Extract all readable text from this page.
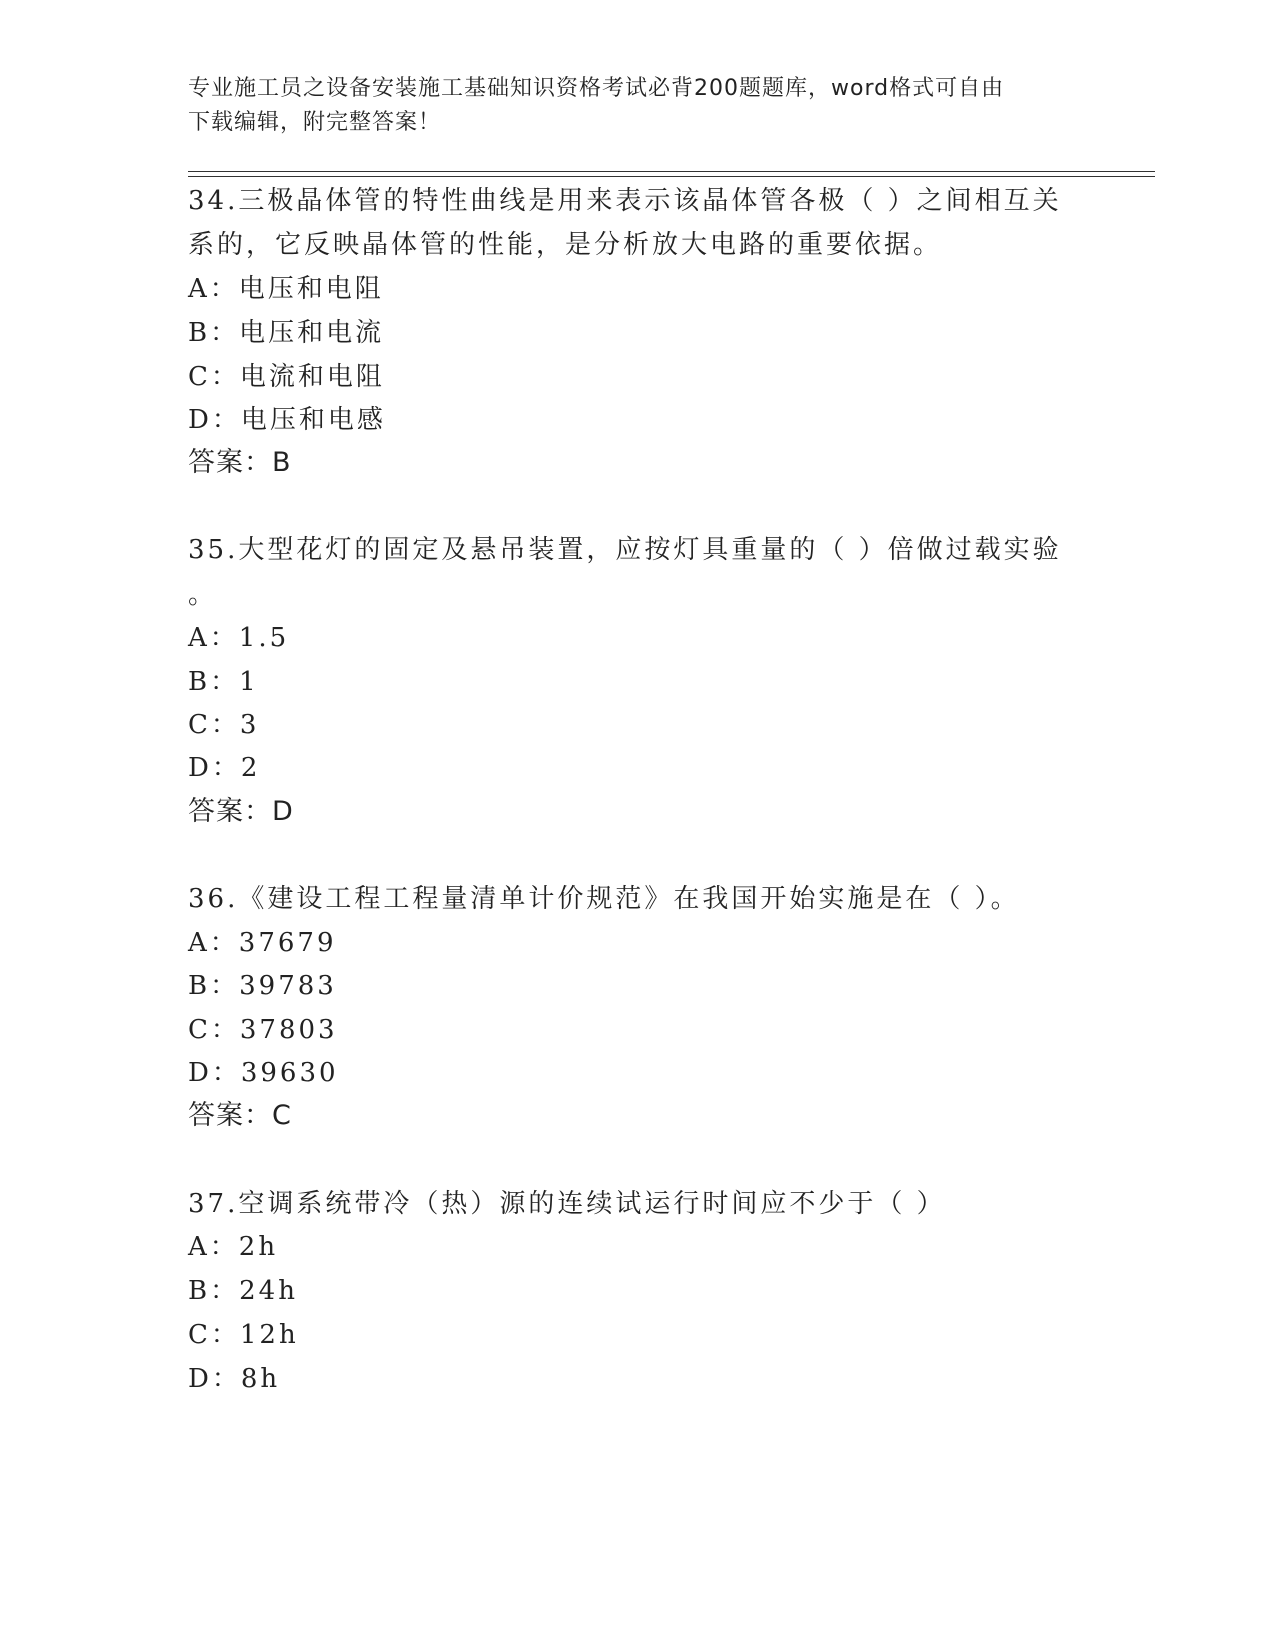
专业施工员之设备安装施工基础知识资格考试必背200题题库，word格式可自由
下载编辑，附完整答案！
34.三极晶体管的特性曲线是用来表示该晶体管各极（ ）之间相互关
系的，它反映晶体管的性能，是分析放大电路的重要依据。
A：电压和电阻
B：电压和电流
C：电流和电阻
D：电压和电感
答案：B
35.大型花灯的固定及悬吊装置，应按灯具重量的（ ）倍做过载实验
。
A：1.5
B：1
C：3
D：2
答案：D
36.《建设工程工程量清单计价规范》在我国开始实施是在（ ）。
A：37679
B：39783
C：37803
D：39630
答案：C
37.空调系统带冷（热）源的连续试运行时间应不少于（ ）
A：2h
B：24h
C：12h
D：8h
